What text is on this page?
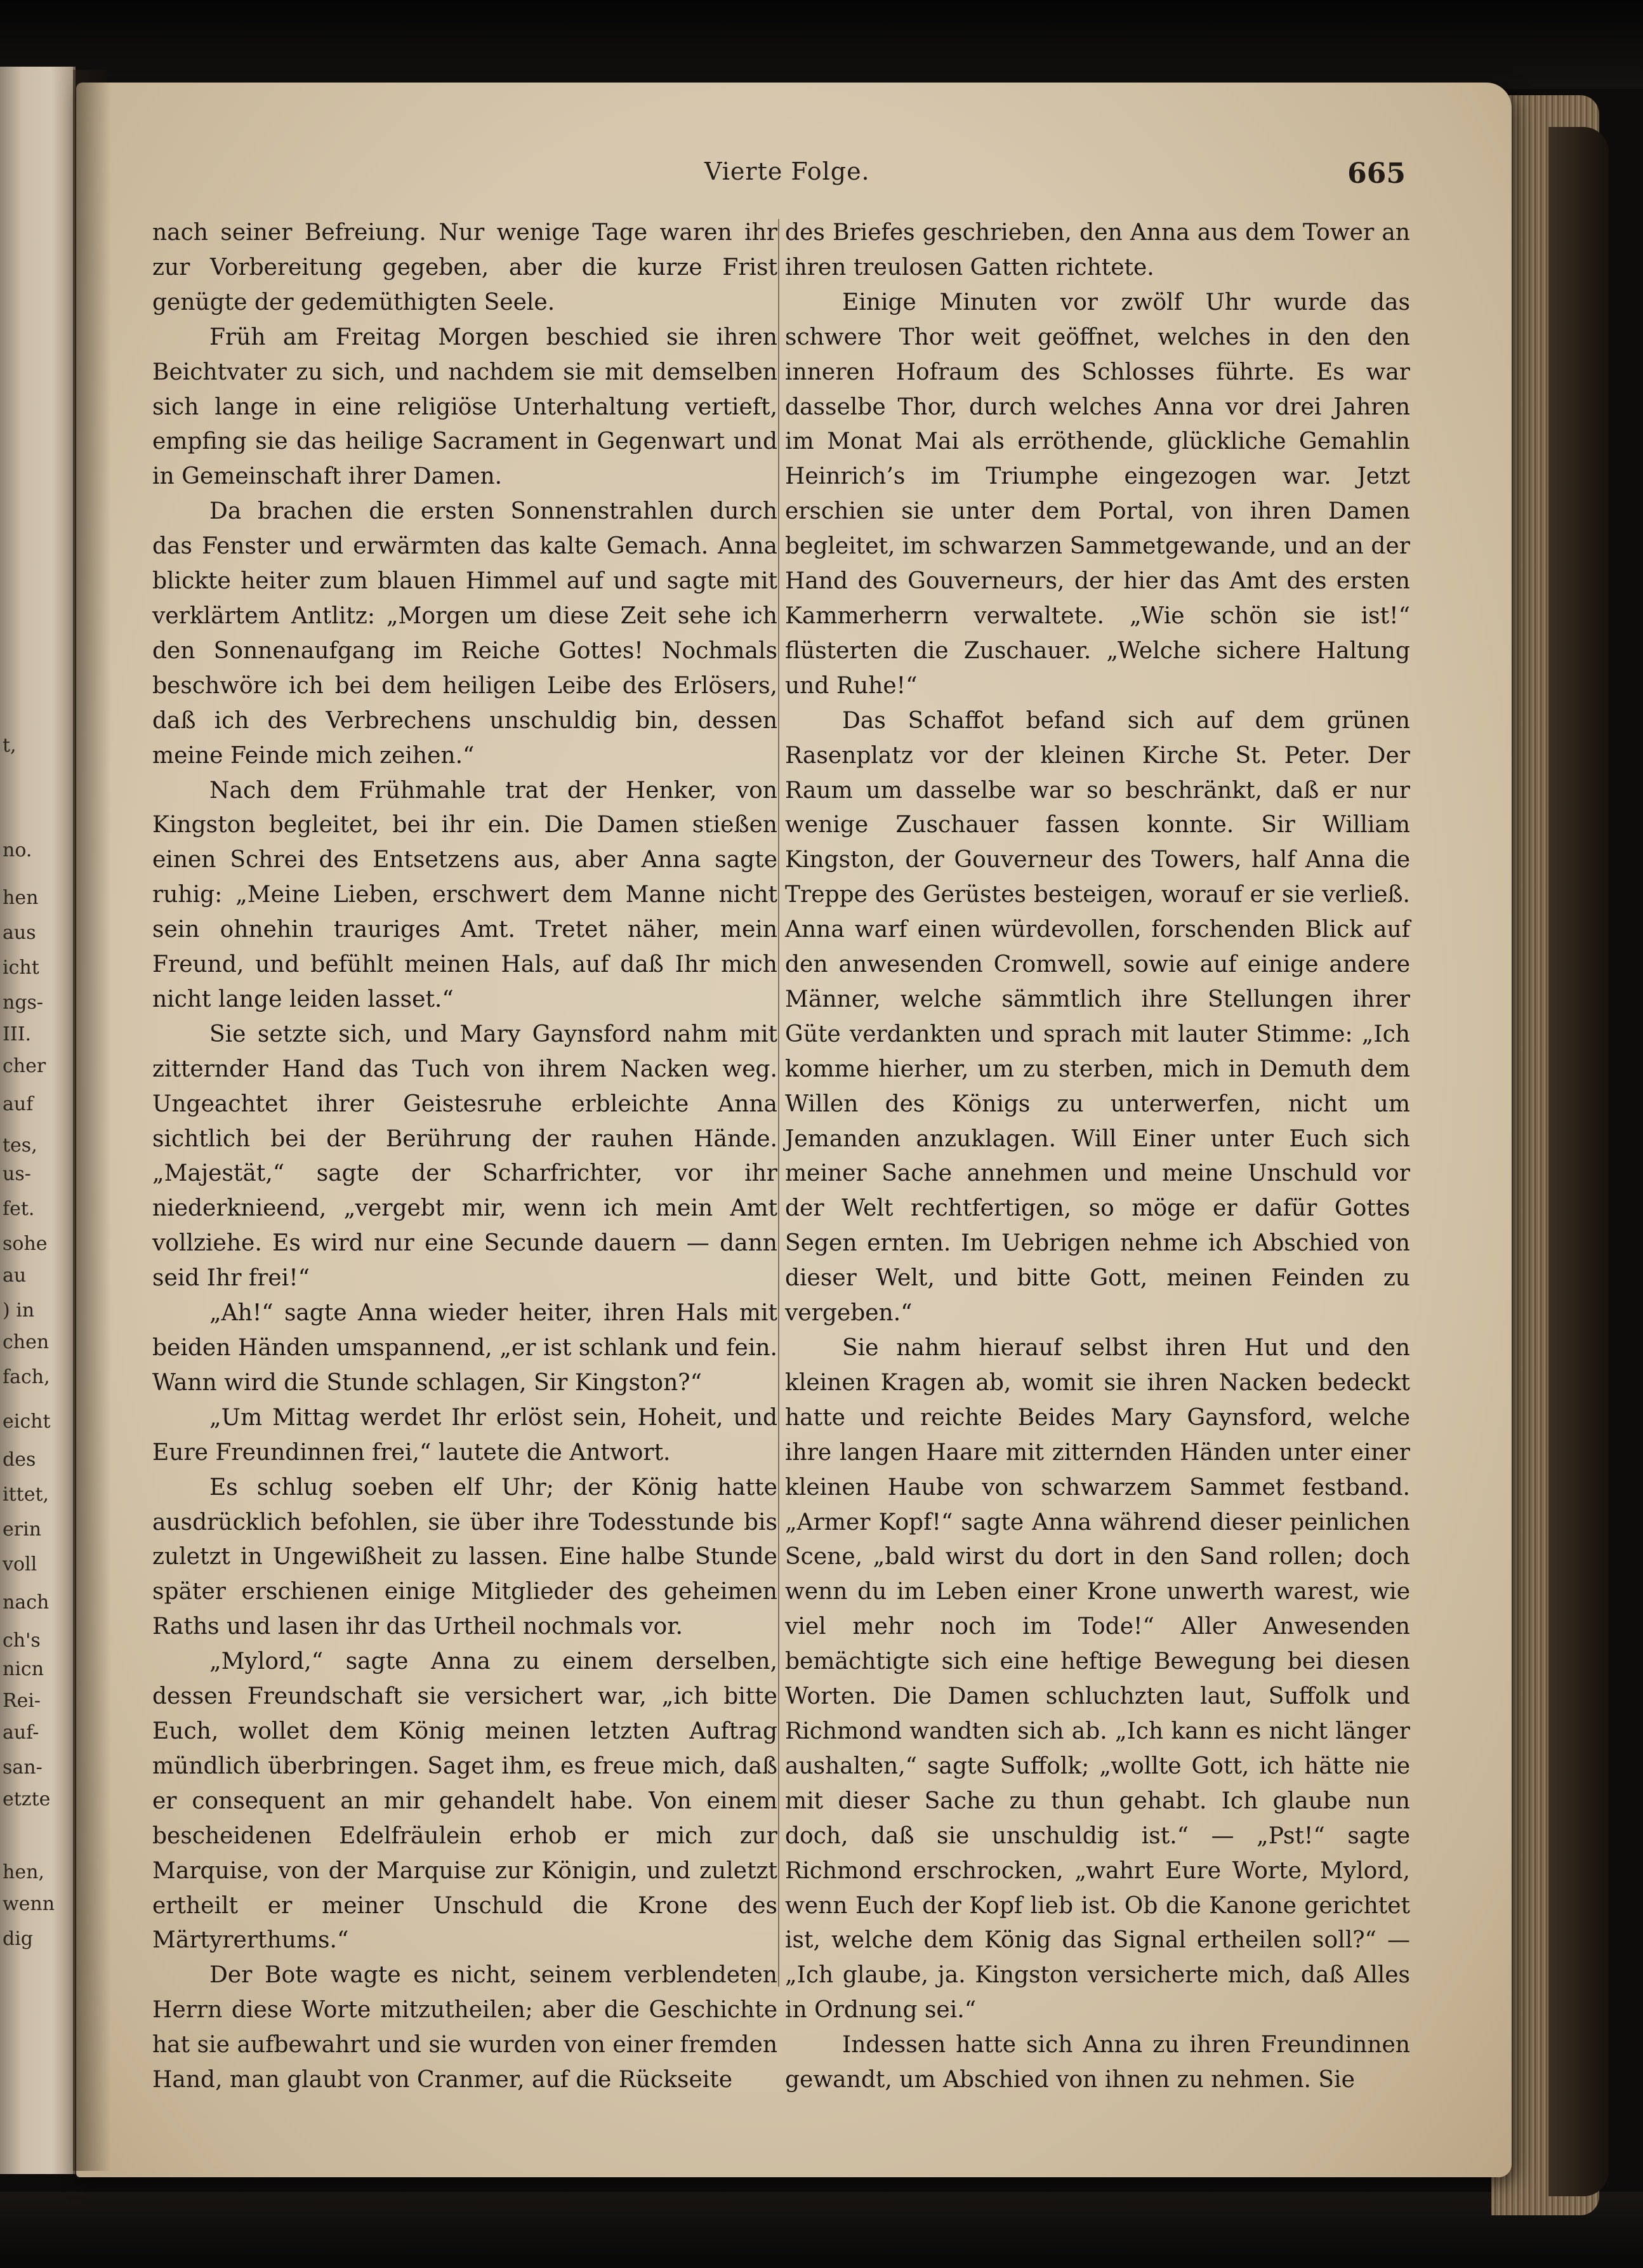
t,
no.
hen
aus
icht
ngs-
III.
cher
auf
tes,
us-
fet.
sohe
au
) in
chen
fach,
eicht
des
ittet,
erin
voll
nach
ch's
nicn
Rei-
auf-
san-
etzte
hen,
wenn
dig
Vierte Folge.	665

nach seiner Befreiung. Nur wenige Tage waren ihr zur Vorbereitung gegeben, aber die kurze Frist genügte der gedemüthigten Seele.

Früh am Freitag Morgen beschied sie ihren Beichtvater zu sich, und nachdem sie mit demselben sich lange in eine religiöse Unterhaltung vertieft, empfing sie das heilige Sacrament in Gegenwart und in Gemeinschaft ihrer Damen.

Da brachen die ersten Sonnenstrahlen durch das Fenster und erwärmten das kalte Gemach. Anna blickte heiter zum blauen Himmel auf und sagte mit verklärtem Antlitz: „Morgen um diese Zeit sehe ich den Sonnenaufgang im Reiche Gottes! Nochmals beschwöre ich bei dem heiligen Leibe des Erlösers, daß ich des Verbrechens unschuldig bin, dessen meine Feinde mich zeihen.“

Nach dem Frühmahle trat der Henker, von Kingston begleitet, bei ihr ein. Die Damen stießen einen Schrei des Entsetzens aus, aber Anna sagte ruhig: „Meine Lieben, erschwert dem Manne nicht sein ohnehin trauriges Amt. Tretet näher, mein Freund, und befühlt meinen Hals, auf daß Ihr mich nicht lange leiden lasset.“

Sie setzte sich, und Mary Gaynsford nahm mit zitternder Hand das Tuch von ihrem Nacken weg. Ungeachtet ihrer Geistesruhe erbleichte Anna sichtlich bei der Berührung der rauhen Hände. „Majestät,“ sagte der Scharfrichter, vor ihr niederknieend, „vergebt mir, wenn ich mein Amt vollziehe. Es wird nur eine Secunde dauern — dann seid Ihr frei!“

„Ah!“ sagte Anna wieder heiter, ihren Hals mit beiden Händen umspannend, „er ist schlank und fein. Wann wird die Stunde schlagen, Sir Kingston?“

„Um Mittag werdet Ihr erlöst sein, Hoheit, und Eure Freundinnen frei,“ lautete die Antwort.

Es schlug soeben elf Uhr; der König hatte ausdrücklich befohlen, sie über ihre Todesstunde bis zuletzt in Ungewißheit zu lassen. Eine halbe Stunde später erschienen einige Mitglieder des geheimen Raths und lasen ihr das Urtheil nochmals vor.

„Mylord,“ sagte Anna zu einem derselben, dessen Freundschaft sie versichert war, „ich bitte Euch, wollet dem König meinen letzten Auftrag mündlich überbringen. Saget ihm, es freue mich, daß er consequent an mir gehandelt habe. Von einem bescheidenen Edelfräulein erhob er mich zur Marquise, von der Marquise zur Königin, und zuletzt ertheilt er meiner Unschuld die Krone des Märtyrerthums.“

Der Bote wagte es nicht, seinem verblendeten Herrn diese Worte mitzutheilen; aber die Geschichte hat sie aufbewahrt und sie wurden von einer fremden Hand, man glaubt von Cranmer, auf die Rückseite

des Briefes geschrieben, den Anna aus dem Tower an ihren treulosen Gatten richtete.

Einige Minuten vor zwölf Uhr wurde das schwere Thor weit geöffnet, welches in den den inneren Hofraum des Schlosses führte. Es war dasselbe Thor, durch welches Anna vor drei Jahren im Monat Mai als erröthende, glückliche Gemahlin Heinrich’s im Triumphe eingezogen war. Jetzt erschien sie unter dem Portal, von ihren Damen begleitet, im schwarzen Sammetgewande, und an der Hand des Gouverneurs, der hier das Amt des ersten Kammerherrn verwaltete. „Wie schön sie ist!“ flüsterten die Zuschauer. „Welche sichere Haltung und Ruhe!“

Das Schaffot befand sich auf dem grünen Rasenplatz vor der kleinen Kirche St. Peter. Der Raum um dasselbe war so beschränkt, daß er nur wenige Zuschauer fassen konnte. Sir William Kingston, der Gouverneur des Towers, half Anna die Treppe des Gerüstes besteigen, worauf er sie verließ. Anna warf einen würdevollen, forschenden Blick auf den anwesenden Cromwell, sowie auf einige andere Männer, welche sämmtlich ihre Stellungen ihrer Güte verdankten und sprach mit lauter Stimme: „Ich komme hierher, um zu sterben, mich in Demuth dem Willen des Königs zu unterwerfen, nicht um Jemanden anzuklagen. Will Einer unter Euch sich meiner Sache annehmen und meine Unschuld vor der Welt rechtfertigen, so möge er dafür Gottes Segen ernten. Im Uebrigen nehme ich Abschied von dieser Welt, und bitte Gott, meinen Feinden zu vergeben.“

Sie nahm hierauf selbst ihren Hut und den kleinen Kragen ab, womit sie ihren Nacken bedeckt hatte und reichte Beides Mary Gaynsford, welche ihre langen Haare mit zitternden Händen unter einer kleinen Haube von schwarzem Sammet festband. „Armer Kopf!“ sagte Anna während dieser peinlichen Scene, „bald wirst du dort in den Sand rollen; doch wenn du im Leben einer Krone unwerth warest, wie viel mehr noch im Tode!“ Aller Anwesenden bemächtigte sich eine heftige Bewegung bei diesen Worten. Die Damen schluchzten laut, Suffolk und Richmond wandten sich ab. „Ich kann es nicht länger aushalten,“ sagte Suffolk; „wollte Gott, ich hätte nie mit dieser Sache zu thun gehabt. Ich glaube nun doch, daß sie unschuldig ist.“ — „Pst!“ sagte Richmond erschrocken, „wahrt Eure Worte, Mylord, wenn Euch der Kopf lieb ist. Ob die Kanone gerichtet ist, welche dem König das Signal ertheilen soll?“ — „Ich glaube, ja. Kingston versicherte mich, daß Alles in Ordnung sei.“

Indessen hatte sich Anna zu ihren Freundinnen gewandt, um Abschied von ihnen zu nehmen. Sie
